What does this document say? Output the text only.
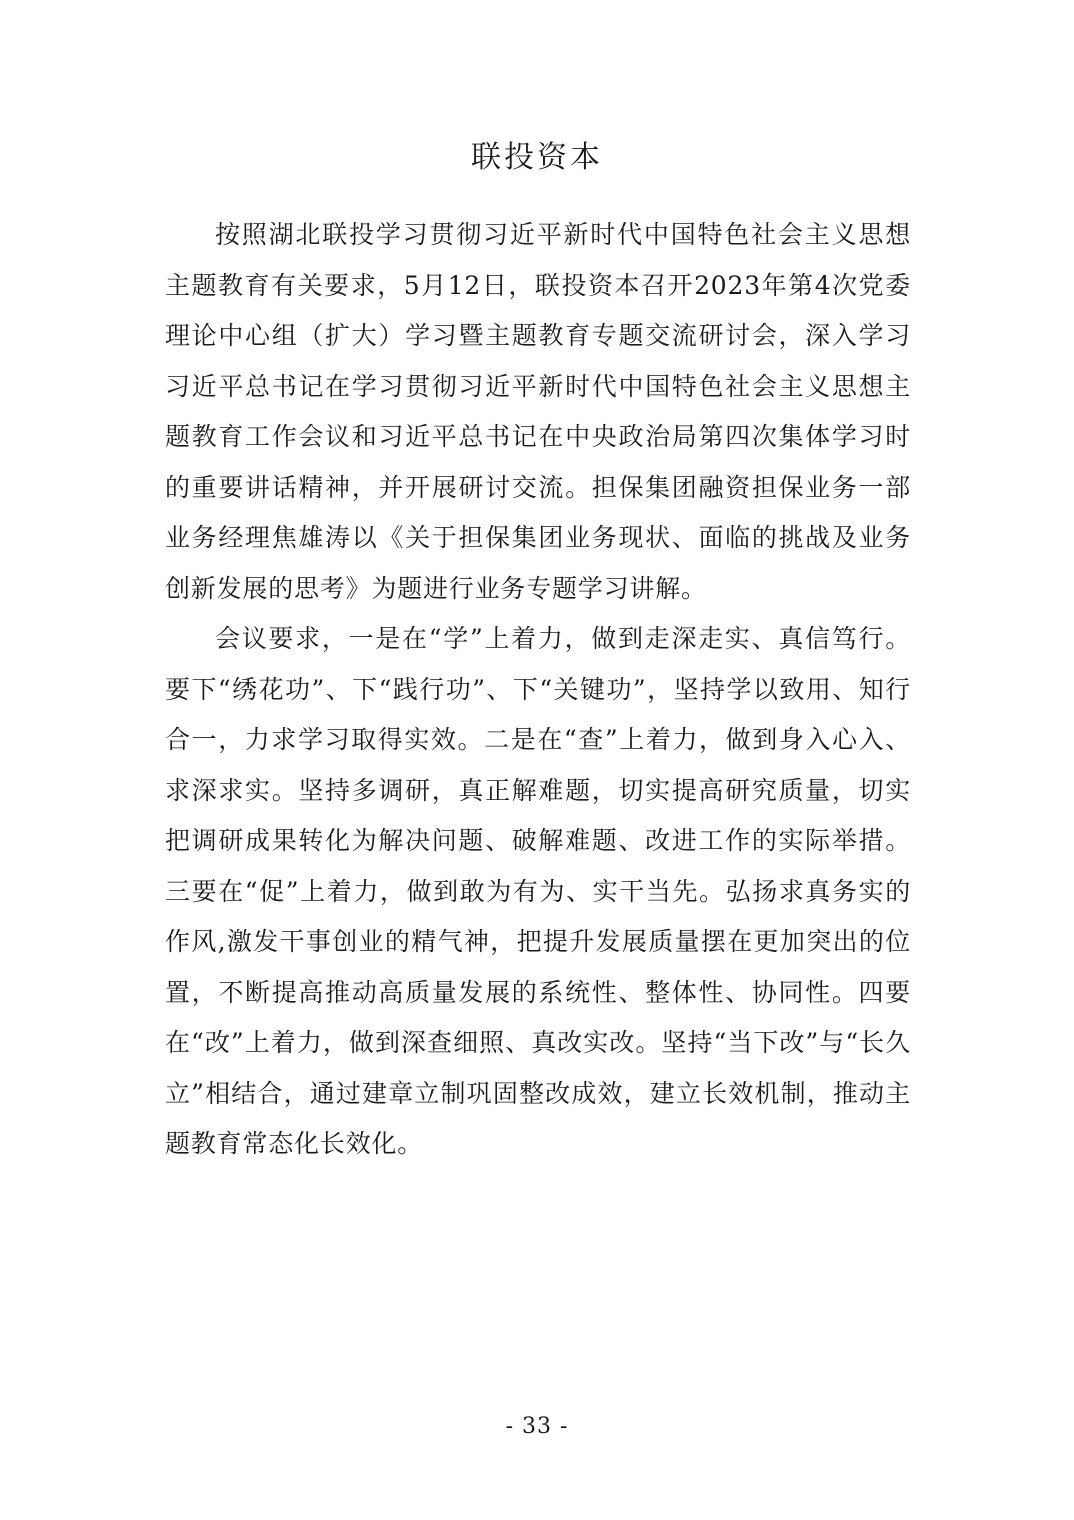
联投资本

按照湖北联投学习贯彻习近平新时代中国特色社会主义思想主题教育有关要求，5月12日，联投资本召开2023年第4次党委理论中心组（扩大）学习暨主题教育专题交流研讨会，深入学习习近平总书记在学习贯彻习近平新时代中国特色社会主义思想主题教育工作会议和习近平总书记在中央政治局第四次集体学习时的重要讲话精神，并开展研讨交流。担保集团融资担保业务一部业务经理焦雄涛以《关于担保集团业务现状、面临的挑战及业务创新发展的思考》为题进行业务专题学习讲解。

会议要求，一是在“学”上着力，做到走深走实、真信笃行。要下“绣花功”、下“践行功”、下“关键功”，坚持学以致用、知行合一，力求学习取得实效。二是在“查”上着力，做到身入心入、求深求实。坚持多调研，真正解难题，切实提高研究质量，切实把调研成果转化为解决问题、破解难题、改进工作的实际举措。三要在“促”上着力，做到敢为有为、实干当先。弘扬求真务实的作风,激发干事创业的精气神，把提升发展质量摆在更加突出的位置，不断提高推动高质量发展的系统性、整体性、协同性。四要在“改”上着力，做到深查细照、真改实改。坚持“当下改”与“长久立”相结合，通过建章立制巩固整改成效，建立长效机制，推动主题教育常态化长效化。

- 33 -
